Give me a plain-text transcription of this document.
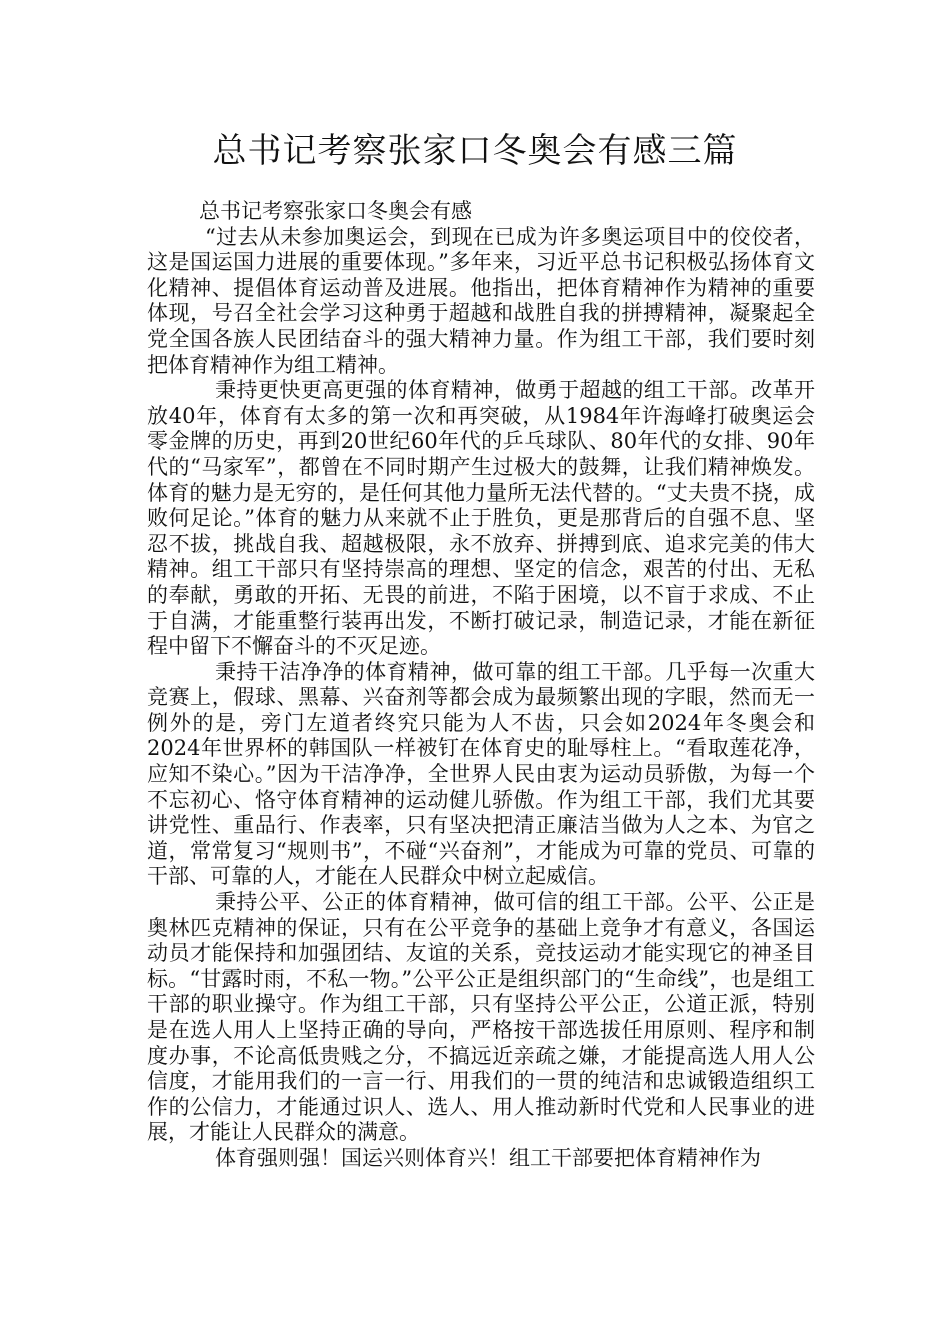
总书记考察张家口冬奥会有感三篇

总书记考察张家口冬奥会有感

“过去从未参加奥运会，到现在已成为许多奥运项目中的佼佼者，这是国运国力进展的重要体现。”多年来，习近平总书记积极弘扬体育文化精神、提倡体育运动普及进展。他指出，把体育精神作为精神的重要体现，号召全社会学习这种勇于超越和战胜自我的拼搏精神，凝聚起全党全国各族人民团结奋斗的强大精神力量。作为组工干部，我们要时刻把体育精神作为组工精神。

秉持更快更高更强的体育精神，做勇于超越的组工干部。改革开放40年，体育有太多的第一次和再突破，从1984年许海峰打破奥运会零金牌的历史，再到20世纪60年代的乒乓球队、80年代的女排、90年代的“马家军”，都曾在不同时期产生过极大的鼓舞，让我们精神焕发。体育的魅力是无穷的，是任何其他力量所无法代替的。“丈夫贵不挠，成败何足论。”体育的魅力从来就不止于胜负，更是那背后的自强不息、坚忍不拔，挑战自我、超越极限，永不放弃、拼搏到底、追求完美的伟大精神。组工干部只有坚持崇高的理想、坚定的信念，艰苦的付出、无私的奉献，勇敢的开拓、无畏的前进，不陷于困境，以不盲于求成、不止于自满，才能重整行装再出发，不断打破记录，制造记录，才能在新征程中留下不懈奋斗的不灭足迹。

秉持干洁净净的体育精神，做可靠的组工干部。几乎每一次重大竞赛上，假球、黑幕、兴奋剂等都会成为最频繁出现的字眼，然而无一例外的是，旁门左道者终究只能为人不齿，只会如2024年冬奥会和2024年世界杯的韩国队一样被钉在体育史的耻辱柱上。“看取莲花净，应知不染心。”因为干洁净净，全世界人民由衷为运动员骄傲，为每一个不忘初心、恪守体育精神的运动健儿骄傲。作为组工干部，我们尤其要讲党性、重品行、作表率，只有坚决把清正廉洁当做为人之本、为官之道，常常复习“规则书”，不碰“兴奋剂”，才能成为可靠的党员、可靠的干部、可靠的人，才能在人民群众中树立起威信。

秉持公平、公正的体育精神，做可信的组工干部。公平、公正是奥林匹克精神的保证，只有在公平竞争的基础上竞争才有意义，各国运动员才能保持和加强团结、友谊的关系，竞技运动才能实现它的神圣目标。“甘露时雨，不私一物。”公平公正是组织部门的“生命线”，也是组工干部的职业操守。作为组工干部，只有坚持公平公正，公道正派，特别是在选人用人上坚持正确的导向，严格按干部选拔任用原则、程序和制度办事，不论高低贵贱之分，不搞远近亲疏之嫌，才能提高选人用人公信度，才能用我们的一言一行、用我们的一贯的纯洁和忠诚锻造组织工作的公信力，才能通过识人、选人、用人推动新时代党和人民事业的进展，才能让人民群众的满意。

体育强则强！国运兴则体育兴！组工干部要把体育精神作为
